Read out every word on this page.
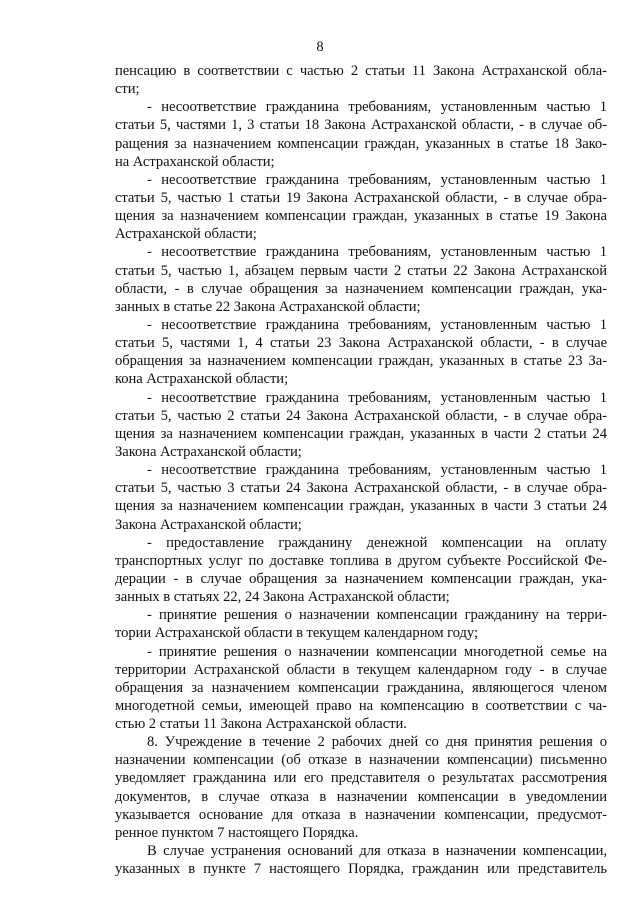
8
пенсацию в соответствии с частью 2 статьи 11 Закона Астраханской обла-
сти;
- несоответствие гражданина требованиям, установленным частью 1
статьи 5, частями 1, 3 статьи 18 Закона Астраханской области, - в случае об-
ращения за назначением компенсации граждан, указанных в статье 18 Зако-
на Астраханской области;
- несоответствие гражданина требованиям, установленным частью 1
статьи 5, частью 1 статьи 19 Закона Астраханской области, - в случае обра-
щения за назначением компенсации граждан, указанных в статье 19 Закона
Астраханской области;
- несоответствие гражданина требованиям, установленным частью 1
статьи 5, частью 1, абзацем первым части 2 статьи 22 Закона Астраханской
области, - в случае обращения за назначением компенсации граждан, ука-
занных в статье 22 Закона Астраханской области;
- несоответствие гражданина требованиям, установленным частью 1
статьи 5, частями 1, 4 статьи 23 Закона Астраханской области, - в случае
обращения за назначением компенсации граждан, указанных в статье 23 За-
кона Астраханской области;
- несоответствие гражданина требованиям, установленным частью 1
статьи 5, частью 2 статьи 24 Закона Астраханской области, - в случае обра-
щения за назначением компенсации граждан, указанных в части 2 статьи 24
Закона Астраханской области;
- несоответствие гражданина требованиям, установленным частью 1
статьи 5, частью 3 статьи 24 Закона Астраханской области, - в случае обра-
щения за назначением компенсации граждан, указанных в части 3 статьи 24
Закона Астраханской области;
- предоставление гражданину денежной компенсации на оплату
транспортных услуг по доставке топлива в другом субъекте Российской Фе-
дерации - в случае обращения за назначением компенсации граждан, ука-
занных в статьях 22, 24 Закона Астраханской области;
- принятие решения о назначении компенсации гражданину на терри-
тории Астраханской области в текущем календарном году;
- принятие решения о назначении компенсации многодетной семье на
территории Астраханской области в текущем календарном году - в случае
обращения за назначением компенсации гражданина, являющегося членом
многодетной семьи, имеющей право на компенсацию в соответствии с ча-
стью 2 статьи 11 Закона Астраханской области.
8. Учреждение в течение 2 рабочих дней со дня принятия решения о
назначении компенсации (об отказе в назначении компенсации) письменно
уведомляет гражданина или его представителя о результатах рассмотрения
документов, в случае отказа в назначении компенсации в уведомлении
указывается основание для отказа в назначении компенсации, предусмот-
ренное пунктом 7 настоящего Порядка.
В случае устранения оснований для отказа в назначении компенсации,
указанных в пункте 7 настоящего Порядка, гражданин или представитель
